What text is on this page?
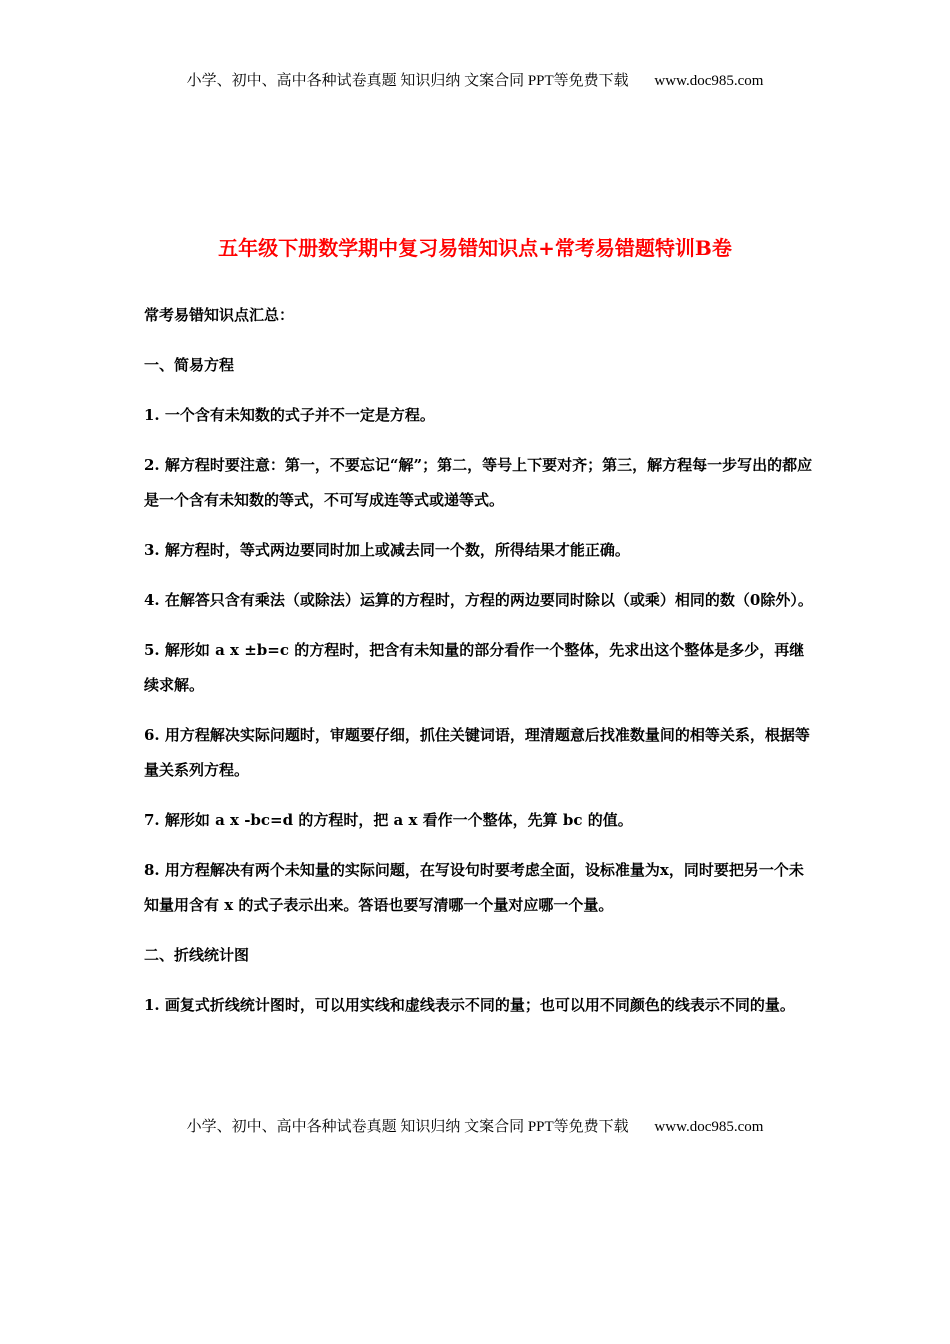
小学、初中、高中各种试卷真题 知识归纳 文案合同 PPT等免费下载 www.doc985.com
五年级下册数学期中复习易错知识点+常考易错题特训B卷

常考易错知识点汇总：

一、简易方程

1. 一个含有未知数的式子并不一定是方程。

2. 解方程时要注意：第一，不要忘记“解”；第二，等号上下要对齐；第三，解方程每一步写出的都应是一个含有未知数的等式，不可写成连等式或递等式。

3. 解方程时，等式两边要同时加上或减去同一个数，所得结果才能正确。

4. 在解答只含有乘法（或除法）运算的方程时，方程的两边要同时除以（或乘）相同的数（0除外）。

5. 解形如 a x ±b=c 的方程时，把含有未知量的部分看作一个整体，先求出这个整体是多少，再继续求解。

6. 用方程解决实际问题时，审题要仔细，抓住关键词语，理清题意后找准数量间的相等关系，根据等量关系列方程。

7. 解形如 a x -bc=d 的方程时，把 a x 看作一个整体，先算 bc 的值。

8. 用方程解决有两个未知量的实际问题，在写设句时要考虑全面，设标准量为x，同时要把另一个未知量用含有 x 的式子表示出来。答语也要写清哪一个量对应哪一个量。

二、折线统计图

1. 画复式折线统计图时，可以用实线和虚线表示不同的量；也可以用不同颜色的线表示不同的量。

小学、初中、高中各种试卷真题 知识归纳 文案合同 PPT等免费下载 www.doc985.com
